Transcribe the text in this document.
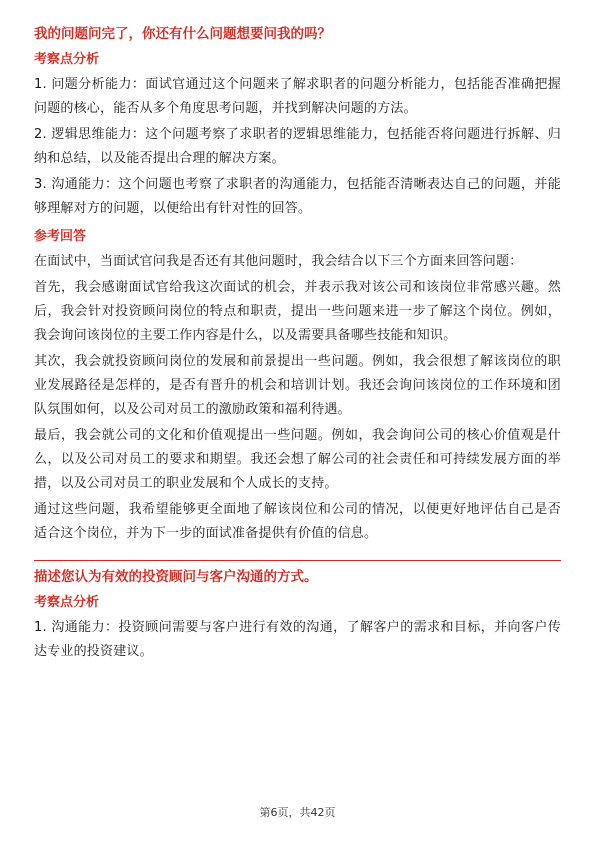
我的问题问完了，你还有什么问题想要问我的吗？
考察点分析
1. 问题分析能力：面试官通过这个问题来了解求职者的问题分析能力，包括能否准确把握问题的核心，能否从多个角度思考问题，并找到解决问题的方法。
2. 逻辑思维能力：这个问题考察了求职者的逻辑思维能力，包括能否将问题进行拆解、归纳和总结，以及能否提出合理的解决方案。
3. 沟通能力：这个问题也考察了求职者的沟通能力，包括能否清晰表达自己的问题，并能够理解对方的问题，以便给出有针对性的回答。
参考回答
在面试中，当面试官问我是否还有其他问题时，我会结合以下三个方面来回答问题：
首先，我会感谢面试官给我这次面试的机会，并表示我对该公司和该岗位非常感兴趣。然后，我会针对投资顾问岗位的特点和职责，提出一些问题来进一步了解这个岗位。例如，我会询问该岗位的主要工作内容是什么，以及需要具备哪些技能和知识。
其次，我会就投资顾问岗位的发展和前景提出一些问题。例如，我会很想了解该岗位的职业发展路径是怎样的，是否有晋升的机会和培训计划。我还会询问该岗位的工作环境和团队氛围如何，以及公司对员工的激励政策和福利待遇。
最后，我会就公司的文化和价值观提出一些问题。例如，我会询问公司的核心价值观是什么，以及公司对员工的要求和期望。我还会想了解公司的社会责任和可持续发展方面的举措，以及公司对员工的职业发展和个人成长的支持。
通过这些问题，我希望能够更全面地了解该岗位和公司的情况，以便更好地评估自己是否适合这个岗位，并为下一步的面试准备提供有价值的信息。
描述您认为有效的投资顾问与客户沟通的方式。
考察点分析
1. 沟通能力：投资顾问需要与客户进行有效的沟通，了解客户的需求和目标，并向客户传达专业的投资建议。
第6页，共42页
